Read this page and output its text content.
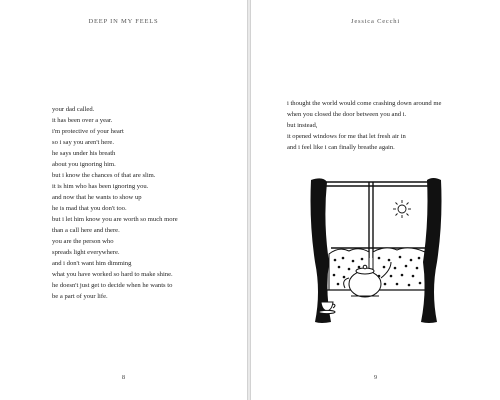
DEEP IN MY FEELS
your dad called.
it has been over a year.
i'm protective of your heart
so i say you aren't here.
he says under his breath
about you ignoring him.
but i know the chances of that are slim.
it is him who has been ignoring you.
and now that he wants to show up
he is mad that you don't too.
but i let him know you are worth so much more
than a call here and there.
you are the person who
spreads light everywhere.
and i don't want him dimming
what you have worked so hard to make shine.
he doesn't just get to decide when he wants to
be a part of your life.
8
Jessica Cecchi
9
i thought the world would come crashing down around me
when you closed the door between you and i.
but instead,
it opened windows for me that let fresh air in
and i feel like i can finally breathe again.
